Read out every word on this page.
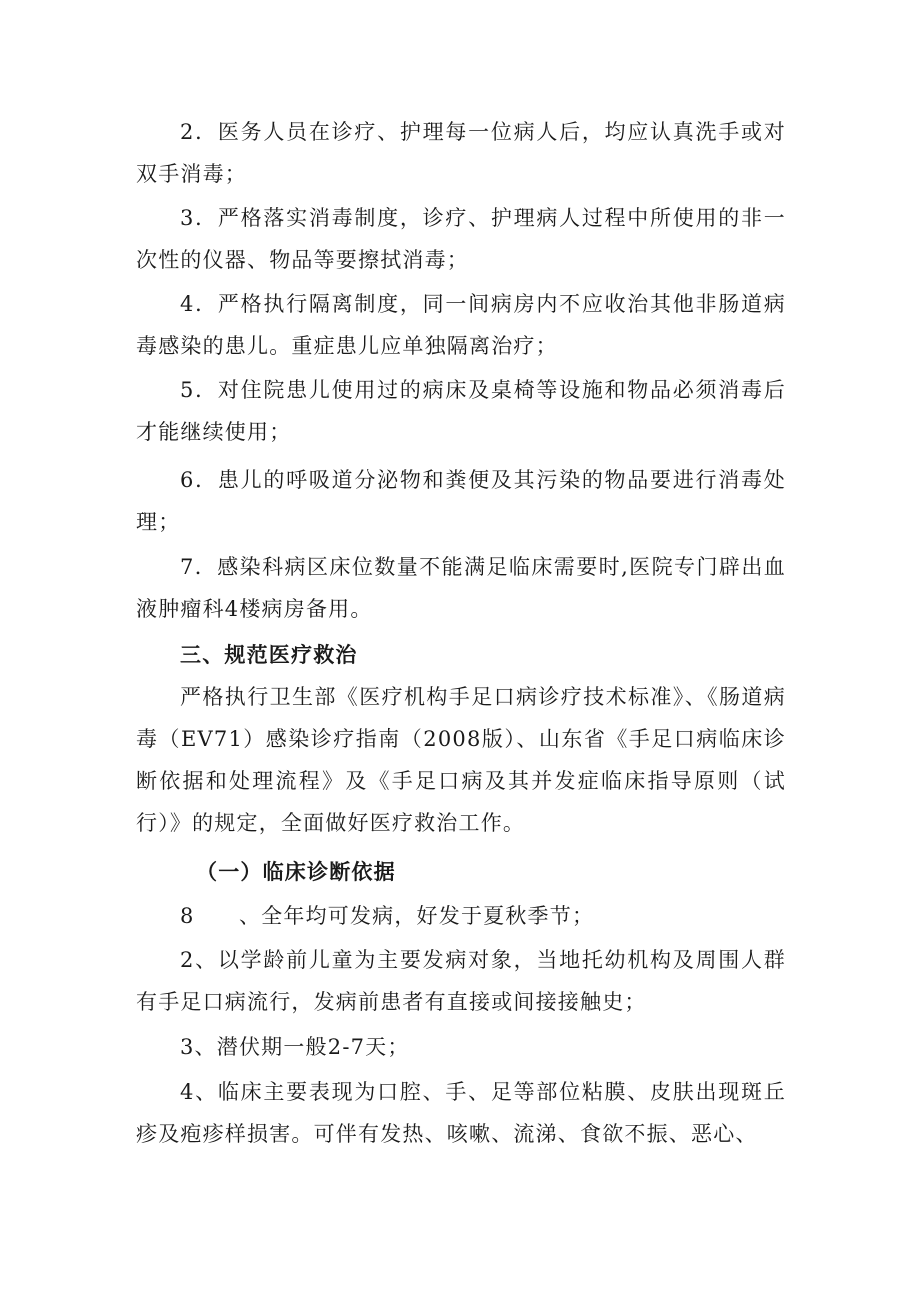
2．医务人员在诊疗、护理每一位病人后，均应认真洗手或对双手消毒；

3．严格落实消毒制度，诊疗、护理病人过程中所使用的非一次性的仪器、物品等要擦拭消毒；

4．严格执行隔离制度，同一间病房内不应收治其他非肠道病毒感染的患儿。重症患儿应单独隔离治疗；

5．对住院患儿使用过的病床及桌椅等设施和物品必须消毒后才能继续使用；

6．患儿的呼吸道分泌物和粪便及其污染的物品要进行消毒处理；

7．感染科病区床位数量不能满足临床需要时,医院专门辟出血液肿瘤科4楼病房备用。

三、规范医疗救治

严格执行卫生部《医疗机构手足口病诊疗技术标准》、《肠道病毒（EV71）感染诊疗指南（2008版）、山东省《手足口病临床诊断依据和处理流程》及《手足口病及其并发症临床指导原则（试行）》的规定，全面做好医疗救治工作。

（一）临床诊断依据

8　　、全年均可发病，好发于夏秋季节；

2、以学龄前儿童为主要发病对象，当地托幼机构及周围人群有手足口病流行，发病前患者有直接或间接接触史；

3、潜伏期一般2-7天；

4、临床主要表现为口腔、手、足等部位粘膜、皮肤出现斑丘疹及疱疹样损害。可伴有发热、咳嗽、流涕、食欲不振、恶心、
